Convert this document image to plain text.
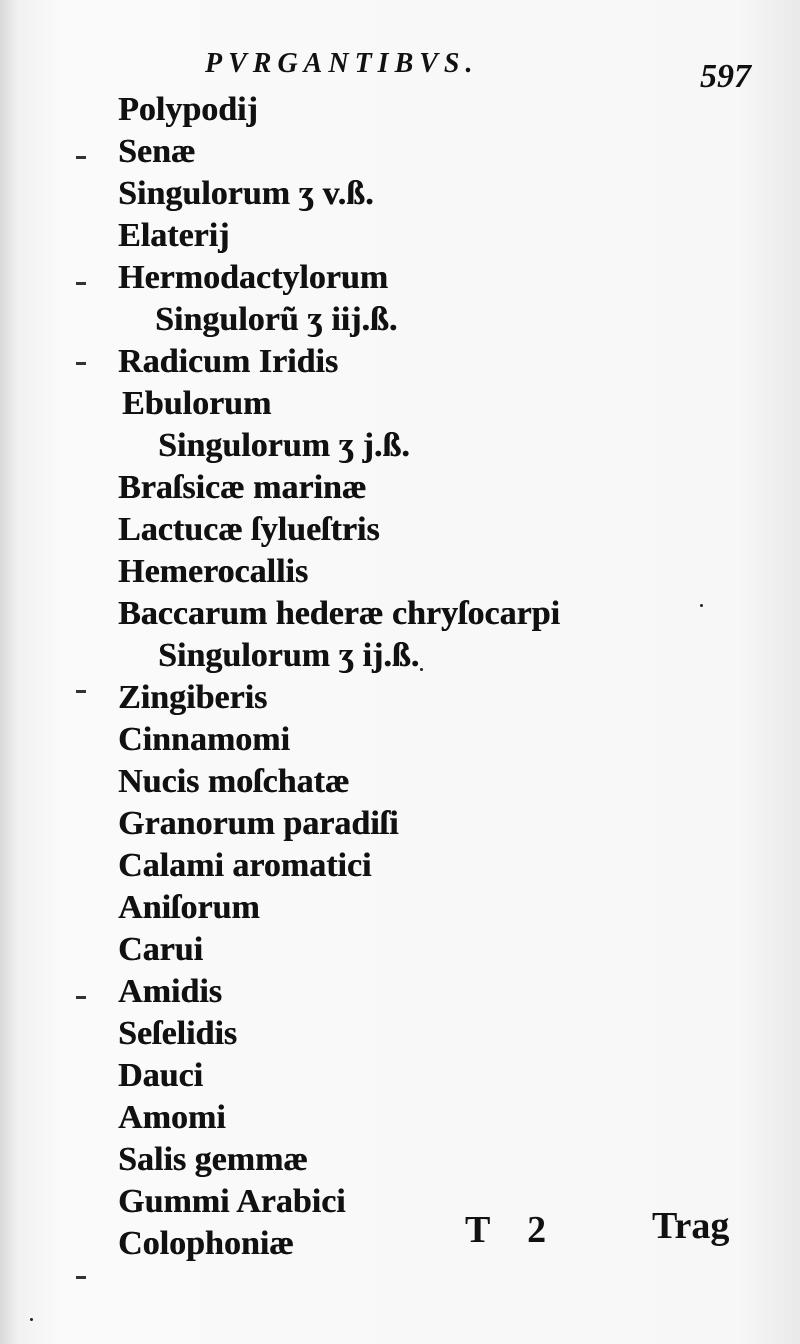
PVRGANTIBVS.	597
Polypodij
Senæ
Singulorum ʒ v.ß.
Elaterij
Hermodactylorum
Singulorũ ʒ iij.ß.
Radicum Iridis
Ebulorum
Singulorum ʒ j.ß.
Braſsicæ marinæ
Lactucæ ſylueſtris
Hemerocallis
Baccarum hederæ chryſocarpi
Singulorum ʒ ij.ß.
Zingiberis
Cinnamomi
Nucis moſchatæ
Granorum paradiſi
Calami aromatici
Aniſorum
Carui
Amidis
Seſelidis
Dauci
Amomi
Salis gemmæ
Gummi Arabici
Colophoniæ	T 2	Trag
